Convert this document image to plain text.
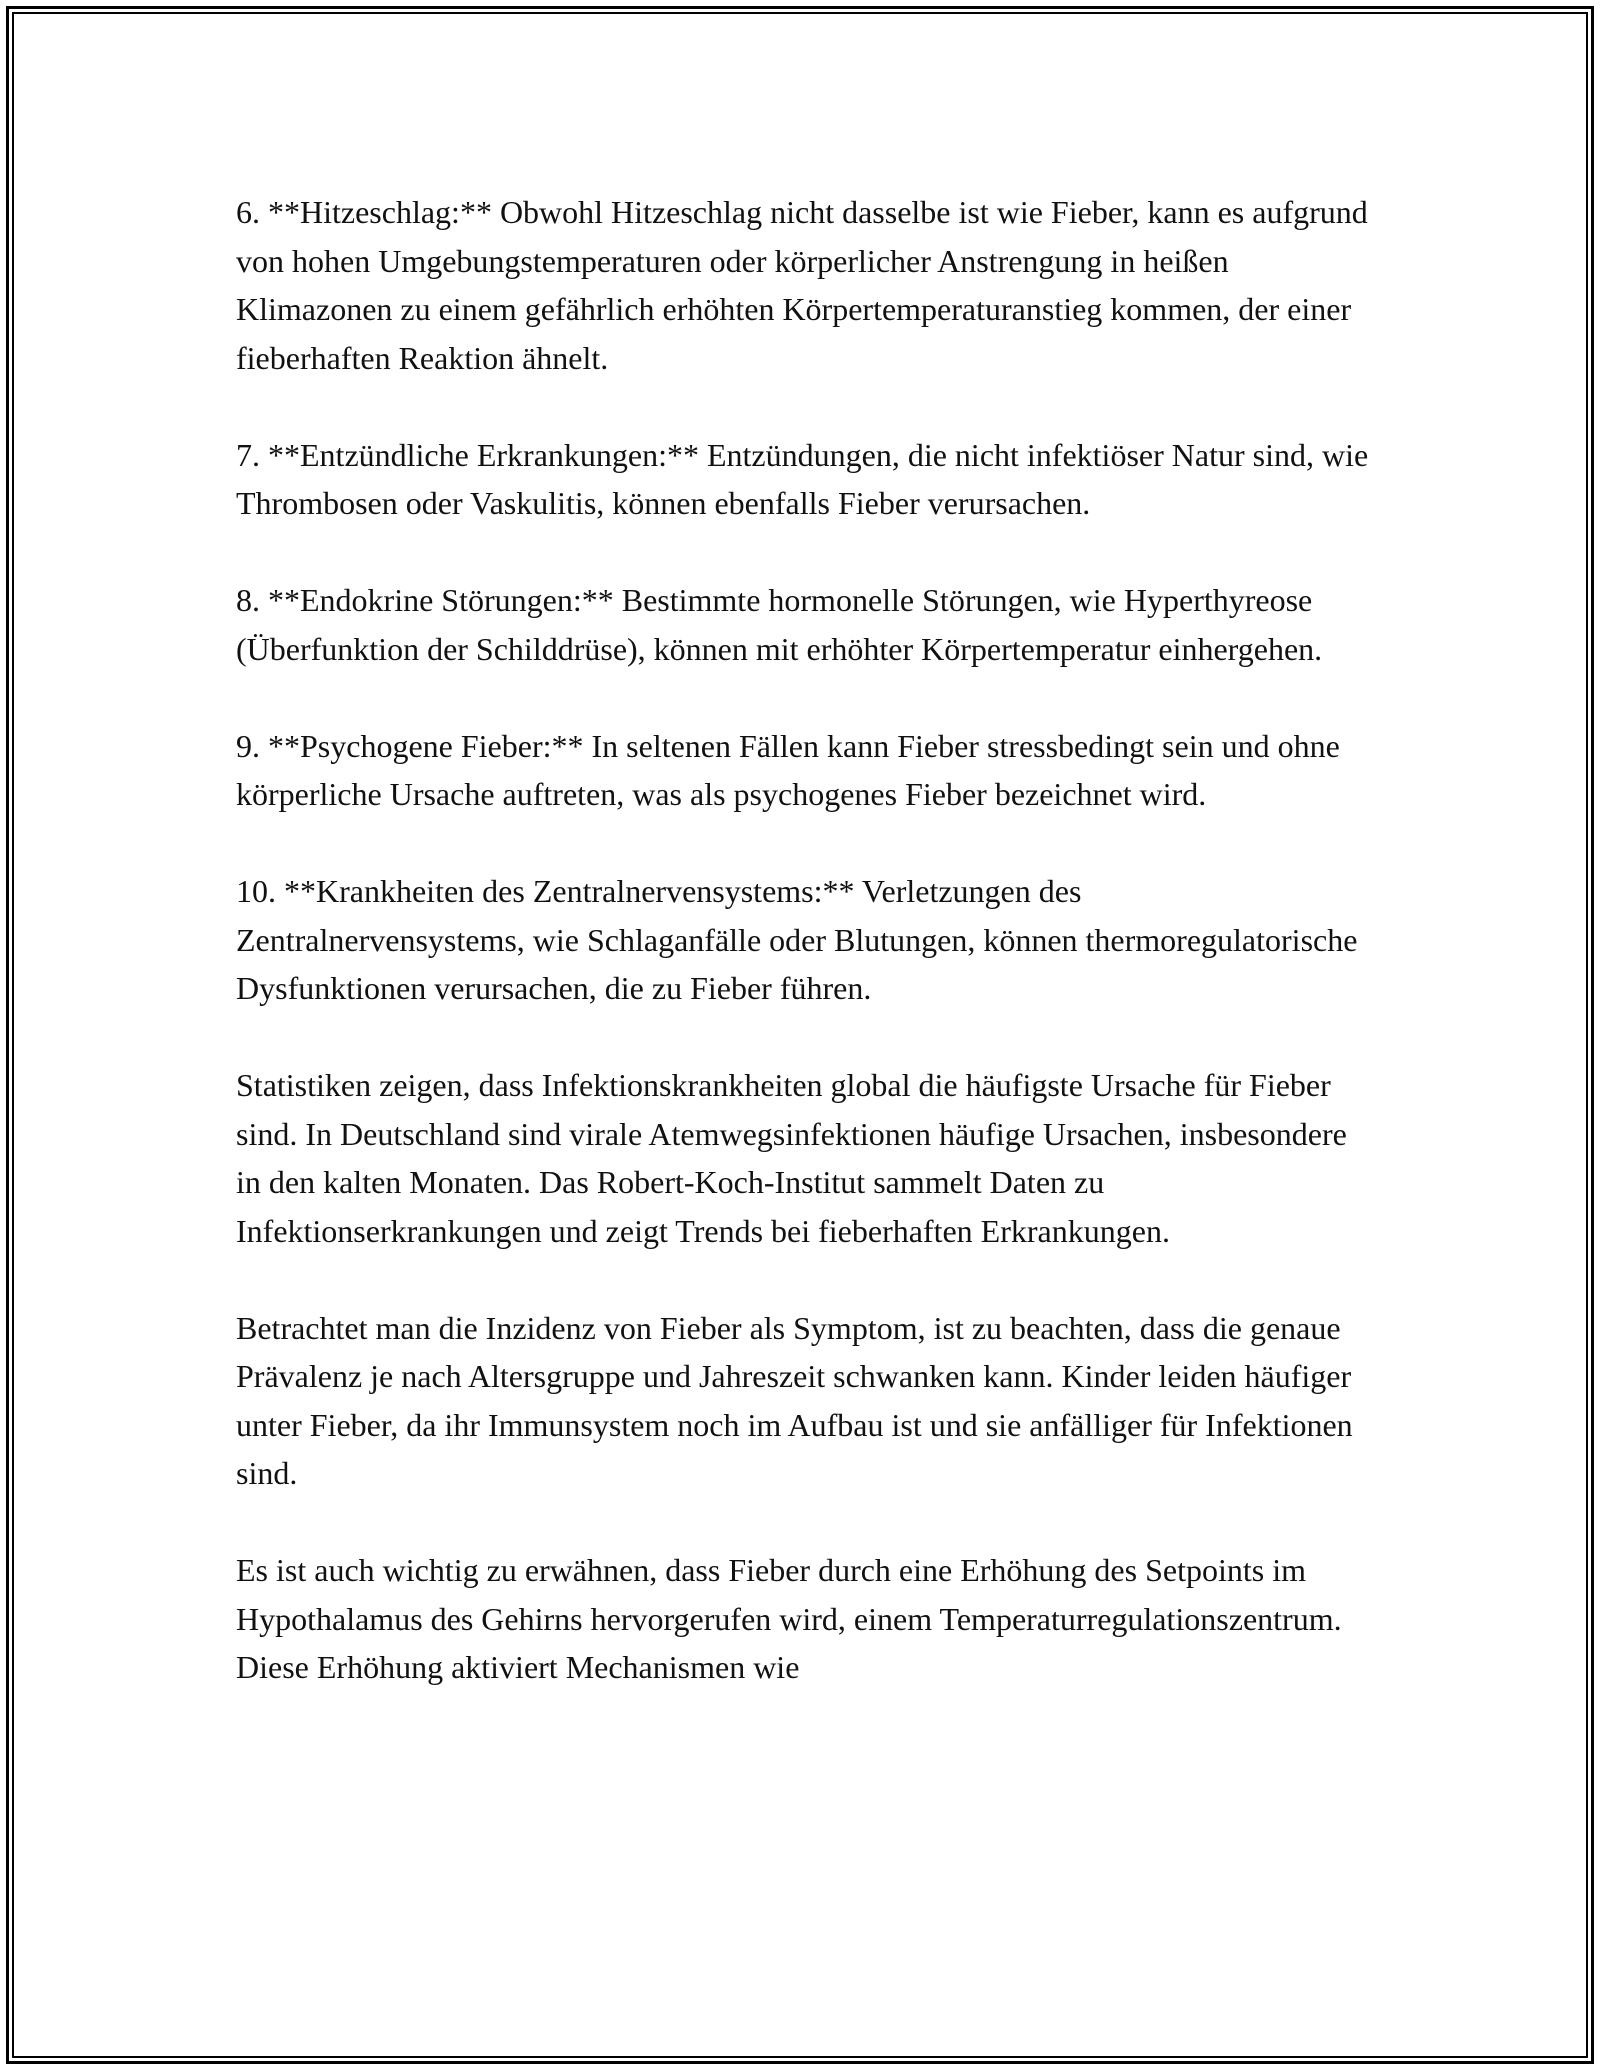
6. **Hitzeschlag:** Obwohl Hitzeschlag nicht dasselbe ist wie Fieber, kann es aufgrund von hohen Umgebungstemperaturen oder körperlicher Anstrengung in heißen Klimazonen zu einem gefährlich erhöhten Körpertemperaturanstieg kommen, der einer fieberhaften Reaktion ähnelt.

7. **Entzündliche Erkrankungen:** Entzündungen, die nicht infektiöser Natur sind, wie Thrombosen oder Vaskulitis, können ebenfalls Fieber verursachen.

8. **Endokrine Störungen:** Bestimmte hormonelle Störungen, wie Hyperthyreose (Überfunktion der Schilddrüse), können mit erhöhter Körpertemperatur einhergehen.

9. **Psychogene Fieber:** In seltenen Fällen kann Fieber stressbedingt sein und ohne körperliche Ursache auftreten, was als psychogenes Fieber bezeichnet wird.

10. **Krankheiten des Zentralnervensystems:** Verletzungen des Zentralnervensystems, wie Schlaganfälle oder Blutungen, können thermoregulatorische Dysfunktionen verursachen, die zu Fieber führen.

Statistiken zeigen, dass Infektionskrankheiten global die häufigste Ursache für Fieber sind. In Deutschland sind virale Atemwegsinfektionen häufige Ursachen, insbesondere in den kalten Monaten. Das Robert-Koch-Institut sammelt Daten zu Infektionserkrankungen und zeigt Trends bei fieberhaften Erkrankungen.

Betrachtet man die Inzidenz von Fieber als Symptom, ist zu beachten, dass die genaue Prävalenz je nach Altersgruppe und Jahreszeit schwanken kann. Kinder leiden häufiger unter Fieber, da ihr Immunsystem noch im Aufbau ist und sie anfälliger für Infektionen sind.

Es ist auch wichtig zu erwähnen, dass Fieber durch eine Erhöhung des Setpoints im Hypothalamus des Gehirns hervorgerufen wird, einem Temperaturregulationszentrum. Diese Erhöhung aktiviert Mechanismen wie
